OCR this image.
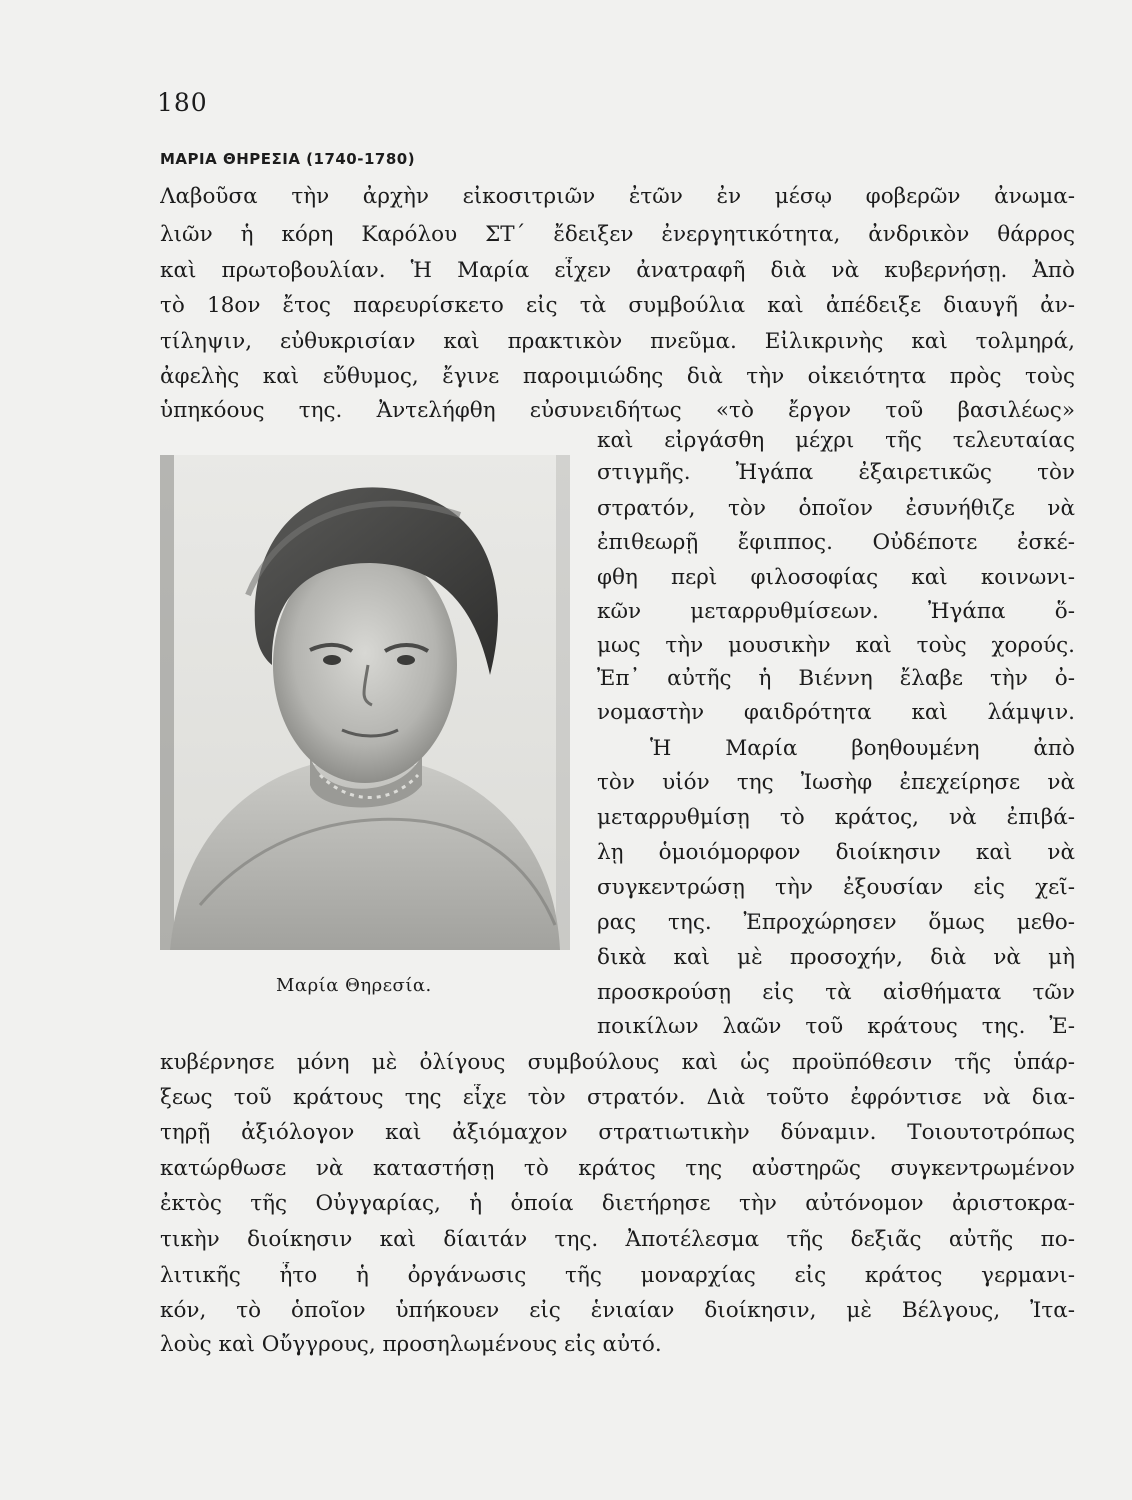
180
ΜΑΡΙΑ ΘΗΡΕΣΙΑ (1740-1780)
Λαβοῦσα τὴν ἀρχὴν εἰκοσιτριῶν ἐτῶν ἐν μέσῳ φοβερῶν ἀνωμα-
λιῶν ἡ κόρη Καρόλου ΣΤ΄ ἔδειξεν ἐνεργητικότητα, ἀνδρικὸν θάρρος
καὶ πρωτοβουλίαν. Ἡ Μαρία εἶχεν ἀνατραφῆ διὰ νὰ κυβερνήσῃ. Ἀπὸ
τὸ 18ον ἔτος παρευρίσκετο εἰς τὰ συμβούλια καὶ ἀπέδειξε διαυγῆ ἀν-
τίληψιν, εὐθυκρισίαν καὶ πρακτικὸν πνεῦμα. Εἰλικρινὴς καὶ τολμηρά,
ἀφελὴς καὶ εὔθυμος, ἔγινε παροιμιώδης διὰ τὴν οἰκειότητα πρὸς τοὺς
ὑπηκόους της. Ἀντελήφθη εὐσυνειδήτως «τὸ ἔργον τοῦ βασιλέως»
Μαρία Θηρεσία.
καὶ εἰργάσθη μέχρι τῆς τελευταίας
στιγμῆς. Ἠγάπα ἐξαιρετικῶς τὸν
στρατόν, τὸν ὁποῖον ἐσυνήθιζε νὰ
ἐπιθεωρῇ ἔφιππος. Οὐδέποτε ἐσκέ-
φθη περὶ φιλοσοφίας καὶ κοινωνι-
κῶν μεταρρυθμίσεων. Ἠγάπα ὅ-
μως τὴν μουσικὴν καὶ τοὺς χορούς.
Ἐπ᾽ αὐτῆς ἡ Βιέννη ἔλαβε τὴν ὀ-
νομαστὴν φαιδρότητα καὶ λάμψιν.
Ἡ Μαρία βοηθουμένη ἀπὸ
τὸν υἱόν της Ἰωσὴφ ἐπεχείρησε νὰ
μεταρρυθμίσῃ τὸ κράτος, νὰ ἐπιβά-
λῃ ὁμοιόμορφον διοίκησιν καὶ νὰ
συγκεντρώσῃ τὴν ἐξουσίαν εἰς χεῖ-
ρας της. Ἐπροχώρησεν ὅμως μεθο-
δικὰ καὶ μὲ προσοχήν, διὰ νὰ μὴ
προσκρούσῃ εἰς τὰ αἰσθήματα τῶν
ποικίλων λαῶν τοῦ κράτους της. Ἐ-
κυβέρνησε μόνη μὲ ὀλίγους συμβούλους καὶ ὡς προϋπόθεσιν τῆς ὑπάρ-
ξεως τοῦ κράτους της εἶχε τὸν στρατόν. Διὰ τοῦτο ἐφρόντισε νὰ δια-
τηρῇ ἀξιόλογον καὶ ἀξιόμαχον στρατιωτικὴν δύναμιν. Τοιουτοτρόπως
κατώρθωσε νὰ καταστήσῃ τὸ κράτος της αὐστηρῶς συγκεντρωμένον
ἐκτὸς τῆς Οὐγγαρίας, ἡ ὁποία διετήρησε τὴν αὐτόνομον ἀριστοκρα-
τικὴν διοίκησιν καὶ δίαιτάν της. Ἀποτέλεσμα τῆς δεξιᾶς αὐτῆς πο-
λιτικῆς ἦτο ἡ ὀργάνωσις τῆς μοναρχίας εἰς κράτος γερμανι-
κόν, τὸ ὁποῖον ὑπήκουεν εἰς ἑνιαίαν διοίκησιν, μὲ Βέλγους, Ἰτα-
λοὺς καὶ Οὔγγρους, προσηλωμένους εἰς αὐτό.
